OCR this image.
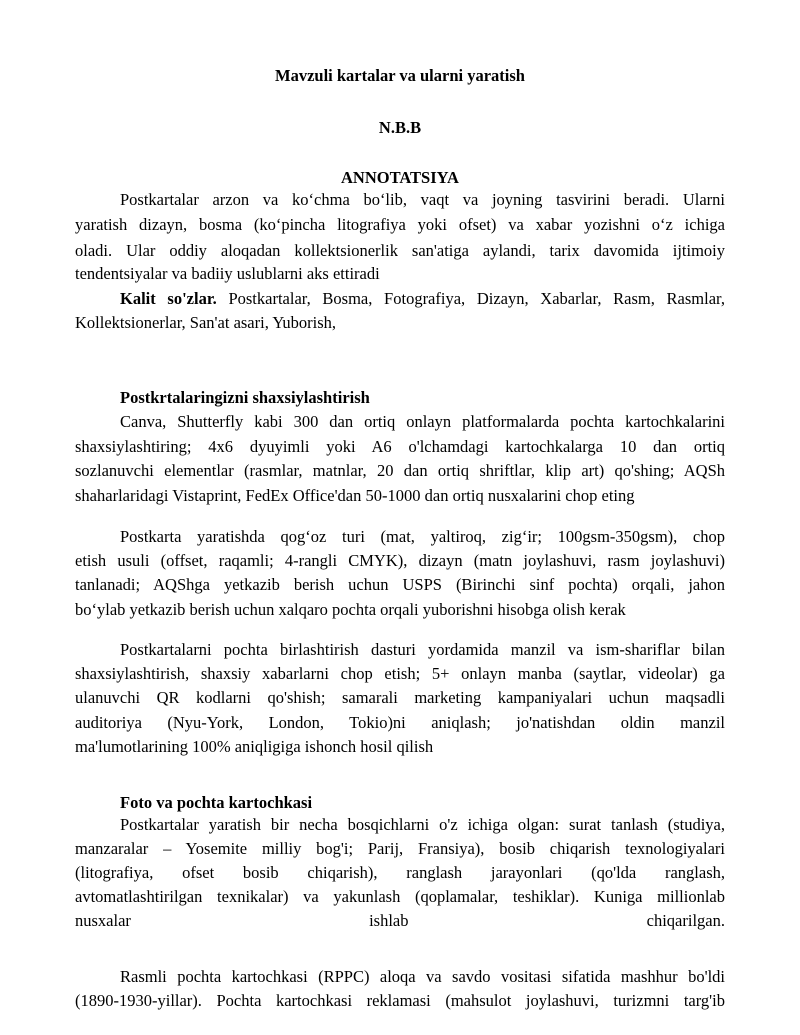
Mavzuli kartalar va ularni yaratish
N.B.B
ANNOTATSIYA
Postkartalar arzon va ko‘chma bo‘lib, vaqt va joyning tasvirini beradi. Ularni
yaratish dizayn, bosma (ko‘pincha litografiya yoki ofset) va xabar yozishni o‘z ichiga
oladi. Ular oddiy aloqadan kollektsionerlik san'atiga aylandi, tarix davomida ijtimoiy
tendentsiyalar va badiiy uslublarni aks ettiradi
Kalit so'zlar. Postkartalar, Bosma, Fotografiya, Dizayn, Xabarlar, Rasm, Rasmlar,
Kollektsionerlar, San'at asari, Yuborish,
Postkrtalaringizni shaxsiylashtirish
Canva, Shutterfly kabi 300 dan ortiq onlayn platformalarda pochta kartochkalarini
shaxsiylashtiring; 4x6 dyuyimli yoki A6 o'lchamdagi kartochkalarga 10 dan ortiq
sozlanuvchi elementlar (rasmlar, matnlar, 20 dan ortiq shriftlar, klip art) qo'shing; AQSh
shaharlaridagi Vistaprint, FedEx Office'dan 50-1000 dan ortiq nusxalarini chop eting
Postkarta yaratishda qog‘oz turi (mat, yaltiroq, zig‘ir; 100gsm-350gsm), chop
etish usuli (offset, raqamli; 4-rangli CMYK), dizayn (matn joylashuvi, rasm joylashuvi)
tanlanadi; AQShga yetkazib berish uchun USPS (Birinchi sinf pochta) orqali, jahon
bo‘ylab yetkazib berish uchun xalqaro pochta orqali yuborishni hisobga olish kerak
Postkartalarni pochta birlashtirish dasturi yordamida manzil va ism-shariflar bilan
shaxsiylashtirish, shaxsiy xabarlarni chop etish; 5+ onlayn manba (saytlar, videolar) ga
ulanuvchi QR kodlarni qo'shish; samarali marketing kampaniyalari uchun maqsadli
auditoriya (Nyu-York, London, Tokio)ni aniqlash; jo'natishdan oldin manzil
ma'lumotlarining 100% aniqligiga ishonch hosil qilish
Foto va pochta kartochkasi
Postkartalar yaratish bir necha bosqichlarni o'z ichiga olgan: surat tanlash (studiya,
manzaralar – Yosemite milliy bog'i; Parij, Fransiya), bosib chiqarish texnologiyalari
(litografiya, ofset bosib chiqarish), ranglash jarayonlari (qo'lda ranglash,
avtomatlashtirilgan texnikalar) va yakunlash (qoplamalar, teshiklar). Kuniga millionlab
nusxalar ishlab chiqarilgan.
Rasmli pochta kartochkasi (RPPC) aloqa va savdo vositasi sifatida mashhur bo'ldi
(1890-1930-yillar). Pochta kartochkasi reklamasi (mahsulot joylashuvi, turizmni targ'ib
